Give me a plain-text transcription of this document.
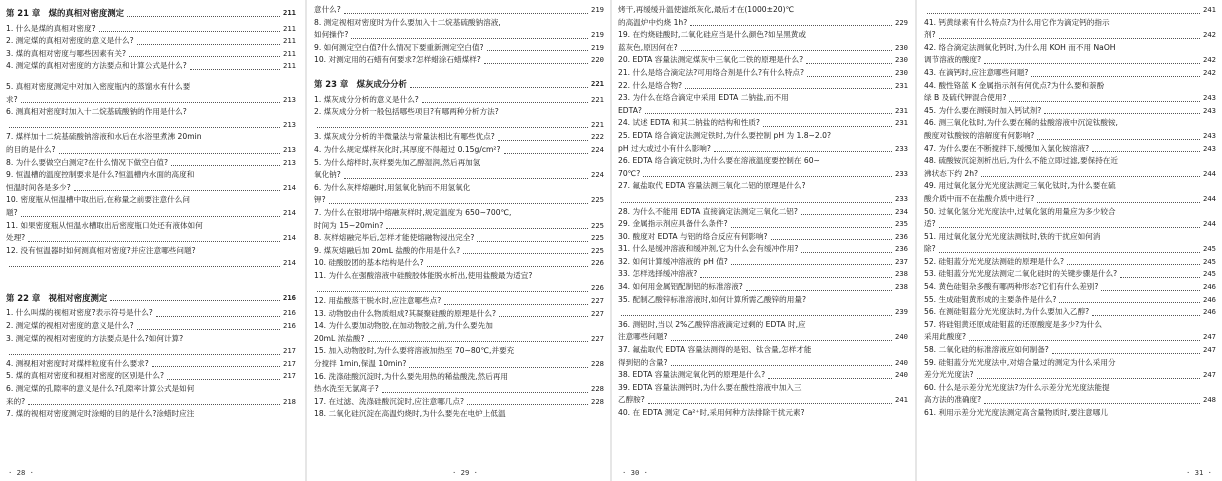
第 21 章　煤的真相对密度测定	211
1. 什么是煤的真相对密度?	211
2. 测定煤的真相对密度的意义是什么?	211
3. 煤的真相对密度与哪些因素有关?	211
4. 测定煤的真相对密度的方法要点和计算公式是什么?	211
5. 真相对密度测定中对加入密度瓶内的蒸馏水有什么要
求?	213
6. 测真相对密度时加入十二烷基硫酸钠的作用是什么?
213
7. 煤样加十二烷基硫酸钠溶液和水后在水浴里煮沸 20min
的目的是什么?	213
8. 为什么要做空白测定?在什么情况下做空白值?	213
9. 恒温槽的温度控制要求是什么?恒温槽内水面的高度和
恒温时间各是多少?	214
10. 密度瓶从恒温槽中取出后,在称量之前要注意什么问
题?	214
11. 如果密度瓶从恒温水槽取出后密度瓶口处还有液体如何
处理?	214
12. 没有恒温器时如何测真相对密度?并应注意哪些问题?
214
第 22 章　视相对密度测定	216
1. 什么叫煤的视相对密度?表示符号是什么?	216
2. 测定煤的视相对密度的意义是什么?	216
3. 测定煤的视相对密度的方法要点是什么?如何计算?
217
4. 测视相对密度时对煤样粒度有什么要求?	217
5. 煤的真相对密度和视相对密度的区别是什么?	217
6. 测定煤的孔隙率的意义是什么?孔隙率计算公式是如何
来的?	218
7. 煤的视相对密度测定时涂蜡的目的是什么?涂蜡时应注
意什么?	219
8. 测定视相对密度时为什么要加入十二烷基硫酸钠溶液,
如何操作?	219
9. 如何测定空白值?什么情况下要重新测定空白值?	219
10. 对测定用的石蜡有何要求?怎样蜡涂石蜡煤样?	220
第 23 章　煤灰成分分析	221
1. 煤灰成分分析的意义是什么?	221
2. 煤灰成分分析一般包括哪些项目?有哪两种分析方法?
221
3. 煤灰成分分析的半微量法与常量法相比有哪些优点?	222
4. 为什么规定煤样灰化时,其厚度不得超过 0.15g/cm²?	224
5. 为什么熔样时,灰样要先加乙醇湿润,然后再加氢
氧化钠?	224
6. 为什么灰样熔融时,用氢氧化钠而不用氢氧化
钾?	225
7. 为什么在银坩埚中熔融灰样时,规定温度为 650~700℃,
时间为 15~20min?	225
8. 灰样熔融完毕后,怎样才能使熔融物浸出完全?	225
9. 煤灰熔融后加 20mL 盐酸的作用是什么?	225
10. 硅酸胶团的基本结构是什么?	226
11. 为什么在强酸溶液中硅酸胶体能脱水析出,使用盐酸最为适宜?
226
12. 用盐酸蒸干脱水时,应注意哪些点?	227
13. 动物胶由什么物质组成?其凝聚硅酸的原理是什么?	227
14. 为什么要加动物胶,在加动物胶之前,为什么要先加
20mL 浓盐酸?	227
15. 加入动物胶时,为什么要将溶液加热至 70~80℃,并要充
分搅拌 1min,保温 10min?	228
16. 洗涤硅酸沉淀时,为什么要先用热的稀盐酸洗,然后再用
热水洗至无氯离子?	228
17. 在过滤、洗涤硅酸沉淀时,应注意哪几点?	228
18. 二氧化硅沉淀在高温灼烧时,为什么要先在电炉上低温
烤干,再缓缓升温使滤纸灰化,最后才在(1000±20)℃
的高温炉中灼烧 1h?	229
19. 在灼烧硅酸时,二氧化硅应当是什么颜色?如呈黑黄或
蓝灰色,原因何在?	230
20. EDTA 容量法测定煤灰中三氧化二铁的原理是什么?	230
21. 什么是络合滴定法?可用络合剂是什么?有什么特点?	230
22. 什么是络合物?	231
23. 为什么在络合滴定中采用 EDTA 二钠盐,而不用
EDTA?	231
24. 试述 EDTA 和其二钠盐的结构和性质?	231
25. EDTA 络合滴定法测定铁时,为什么要控制 pH 为 1.8~2.0?
pH 过大或过小有什么影响?	233
26. EDTA 络合滴定铁时,为什么要在溶液温度要控制在 60~
70℃?	233
27. 氟盐取代 EDTA 容量法测三氧化二铝的原理是什么?
233
28. 为什么不能用 EDTA 直接滴定法测定三氧化二铝?	234
29. 金属指示剂应具备什么条件?	235
30. 酸度对 EDTA 与铝的络合反应有何影响?	236
31. 什么是缓冲溶液和缓冲剂,它为什么会有缓冲作用?	236
32. 如何计算缓冲溶液的 pH 值?	237
33. 怎样选择缓冲溶液?	238
34. 如何用金属铝配制铝的标准溶液?	238
35. 配制乙酸锌标准溶液时,如何计算所需乙酸锌的用量?
239
36. 测铝时,当以 2%乙酸锌溶液滴定过剩的 EDTA 时,应
注意哪些问题?	240
37. 氟盐取代 EDTA 容量法测得的是铝、钛含量,怎样才能
得到铝的含量?	240
38. EDTA 容量法测定氧化钙的原理是什么?	240
39. EDTA 容量法测钙时,为什么要在酸性溶液中加入三
乙醇胺?	241
40. 在 EDTA 测定 Ca²⁺时,采用何种方法排除干扰元素?
241
41. 钙黄绿素有什么特点?为什么用它作为滴定钙的指示
剂?	242
42. 络合滴定法测氧化钙时,为什么用 KOH 而不用 NaOH
调节溶液的酸度?	242
43. 在滴钙时,应注意哪些问题?	242
44. 酸性铬蓝 K 金属指示剂有何优点?为什么要和萘酚
绿 B 及硫代钾混合使用?	243
45. 为什么要在测镁时加入钙试剂?	243
46. 测三氧化钛时,为什么要在稀的盐酸溶液中沉淀钛酸铵,
酸度对钛酸铵的溶解度有何影响?	243
47. 为什么要在不断搅拌下,缓慢加入氯化铵溶液?	243
48. 硫酸铵沉淀剂析出后,为什么不能立即过滤,要保持在近
沸状态下约 2h?	244
49. 用过氧化氢分光光度法测定三氧化钛时,为什么要在硫
酸介质中而不在盐酸介质中进行?	244
50. 过氧化氢分光光度法中,过氧化氢的用量应为多少较合
适?	244
51. 用过氧化氢分光光度法测钛时,铁的干扰应如何消
除?	245
52. 硅钼蓝分光光度法测硅的原理是什么?	245
53. 硅钼蓝分光光度法测定二氧化硅时的关键步骤是什么?	245
54. 黄色硅钼杂多酸有哪两种形态?它们有什么差别?	246
55. 生成硅钼黄形成的主要条件是什么?	246
56. 在测硅钼蓝分光光度法时,为什么要加入乙醇?	246
57. 将硅钼黄还原成硅钼蓝的还原酸度是多少?为什么
采用此酸度?	247
58. 二氧化硅的标准溶液应如何制备?	247
59. 硅钼蓝分光光度法中,对熔合量过的测定为什么采用分
差分光光度法?	247
60. 什么是示差分光光度法?为什么示差分光光度法能提
高方法的准确度?	248
61. 利用示差分光光度法测定高含量物质时,要注意哪儿
· 28 ·	· 29 ·	· 30 ·	· 31 ·
